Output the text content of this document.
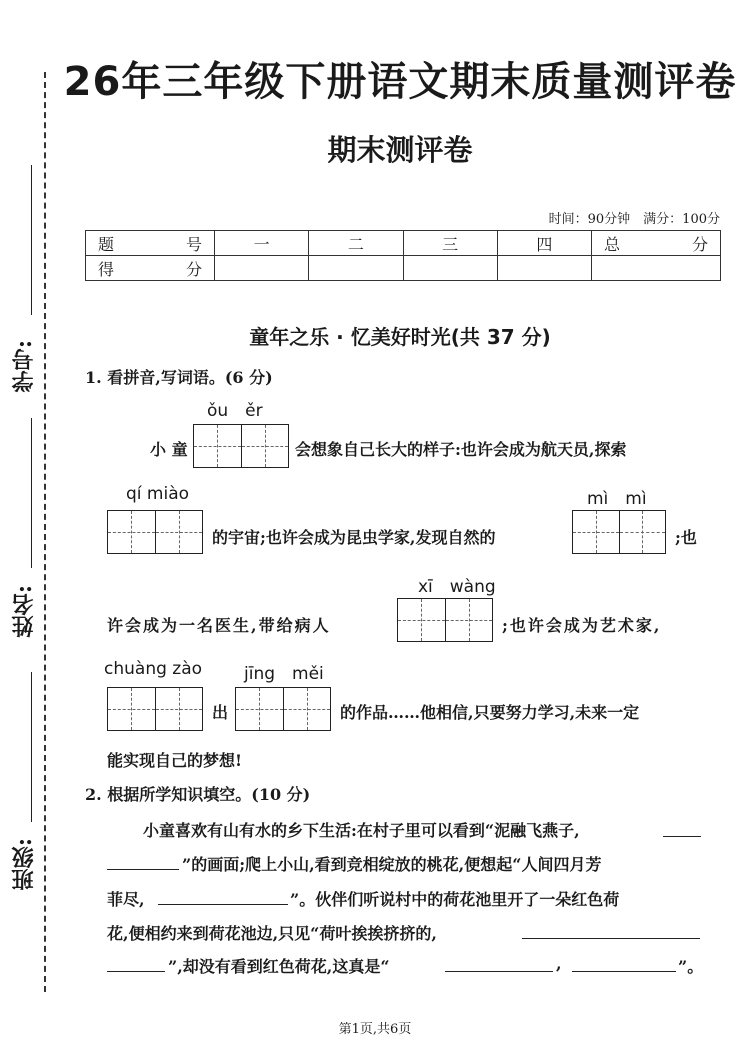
学号:
姓名:
班级:
26年三年级下册语文期末质量测评卷
期末测评卷
时间：90分钟　满分：100分
题　号	一	二	三	四	总　分
得　分					
童年之乐 · 忆美好时光(共 37 分)
1. 看拼音,写词语。(6 分)
ǒu　ěr
小 童	会想象自己长大的样子:也许会成为航天员,探索
qí miào	mì　mì
的宇宙;也许会成为昆虫学家,发现自然的	;也
xī　wàng
许会成为一名医生,带给病人	;也许会成为艺术家,
chuàng zào jīng　měi
出	的作品……他相信,只要努力学习,未来一定
能实现自己的梦想!
2. 根据所学知识填空。(10 分)
小童喜欢有山有水的乡下生活:在村子里可以看到“泥融飞燕子,
”的画面;爬上小山,看到竞相绽放的桃花,便想起“人间四月芳
菲尽,	”。伙伴们听说村中的荷花池里开了一朵红色荷
花,便相约来到荷花池边,只见“荷叶挨挨挤挤的,
”,却没有看到红色荷花,这真是“	,	”。
第1页,共6页
